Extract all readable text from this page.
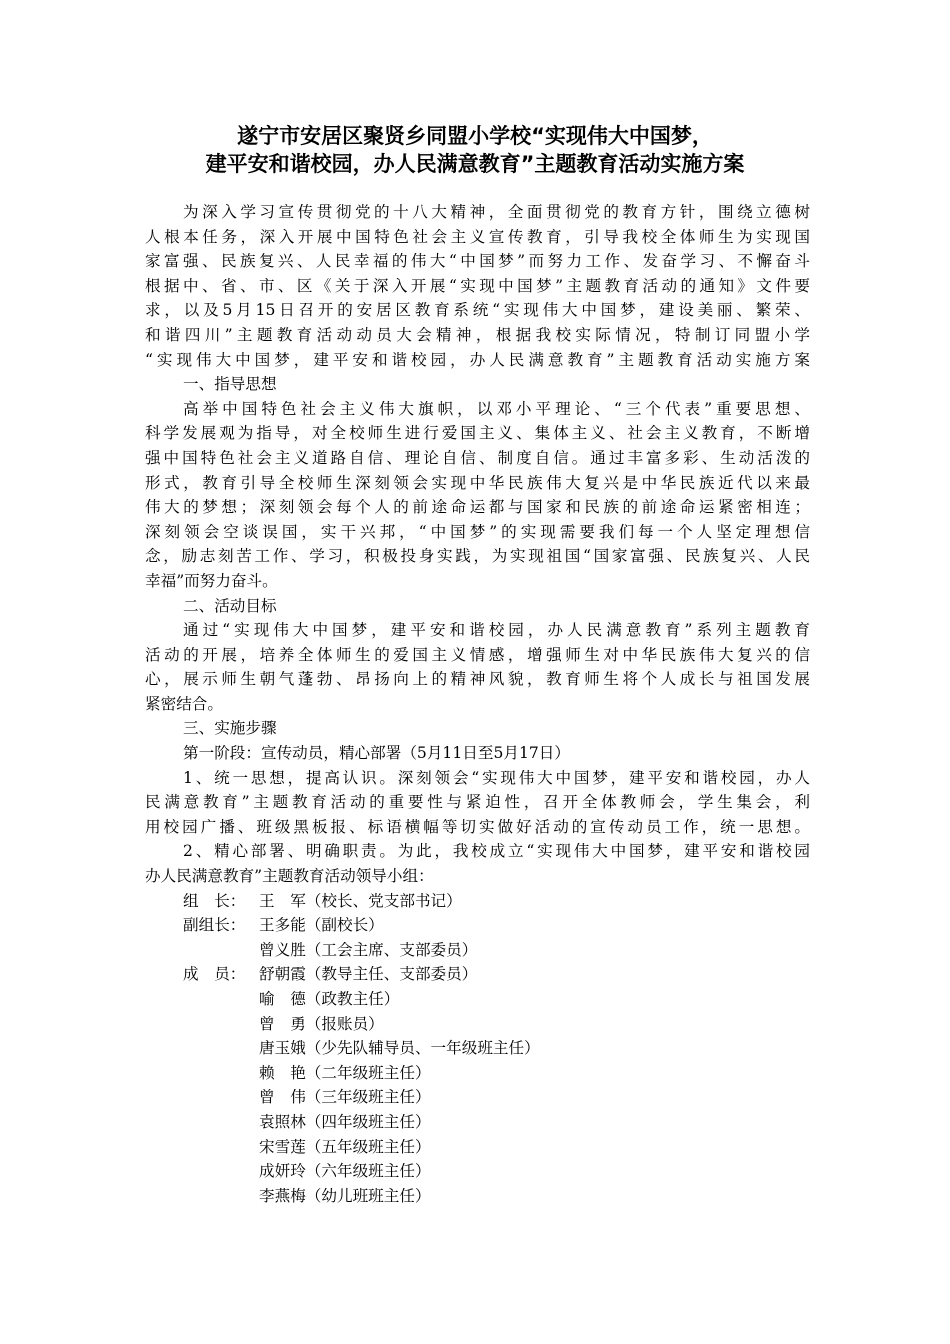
遂宁市安居区聚贤乡同盟小学校“实现伟大中国梦，
建平安和谐校园，办人民满意教育”主题教育活动实施方案
为深入学习宣传贯彻党的十八大精神，全面贯彻党的教育方针，围绕立德树
人根本任务，深入开展中国特色社会主义宣传教育，引导我校全体师生为实现国
家富强、民族复兴、人民幸福的伟大“中国梦”而努力工作、发奋学习、不懈奋斗
根据中、省、市、区《关于深入开展“实现中国梦”主题教育活动的通知》文件要
求，以及5月15日召开的安居区教育系统“实现伟大中国梦，建设美丽、繁荣、
和谐四川”主题教育活动动员大会精神，根据我校实际情况，特制订同盟小学
“实现伟大中国梦，建平安和谐校园，办人民满意教育”主题教育活动实施方案
一、指导思想
高举中国特色社会主义伟大旗帜，以邓小平理论、“三个代表”重要思想、
科学发展观为指导，对全校师生进行爱国主义、集体主义、社会主义教育，不断增
强中国特色社会主义道路自信、理论自信、制度自信。通过丰富多彩、生动活泼的
形式，教育引导全校师生深刻领会实现中华民族伟大复兴是中华民族近代以来最
伟大的梦想；深刻领会每个人的前途命运都与国家和民族的前途命运紧密相连；
深刻领会空谈误国，实干兴邦，“中国梦”的实现需要我们每一个人坚定理想信
念，励志刻苦工作、学习，积极投身实践，为实现祖国“国家富强、民族复兴、人民
幸福”而努力奋斗。
二、活动目标
通过“实现伟大中国梦，建平安和谐校园，办人民满意教育”系列主题教育
活动的开展，培养全体师生的爱国主义情感，增强师生对中华民族伟大复兴的信
心，展示师生朝气蓬勃、昂扬向上的精神风貌，教育师生将个人成长与祖国发展
紧密结合。
三、实施步骤
第一阶段：宣传动员，精心部署（5月11日至5月17日）
1、统一思想，提高认识。深刻领会“实现伟大中国梦，建平安和谐校园，办人
民满意教育”主题教育活动的重要性与紧迫性，召开全体教师会，学生集会，利
用校园广播、班级黑板报、标语横幅等切实做好活动的宣传动员工作，统一思想。
2、精心部署、明确职责。为此，我校成立“实现伟大中国梦，建平安和谐校园
办人民满意教育”主题教育活动领导小组：
组　长： 王　军（校长、党支部书记）
副组长： 王多能（副校长）
曾义胜（工会主席、支部委员）
成　员： 舒朝霞（教导主任、支部委员）
喻　德（政教主任）
曾　勇（报账员）
唐玉娥（少先队辅导员、一年级班主任）
赖　艳（二年级班主任）
曾　伟（三年级班主任）
袁照林（四年级班主任）
宋雪莲（五年级班主任）
成妍玲（六年级班主任）
李燕梅（幼儿班班主任）
